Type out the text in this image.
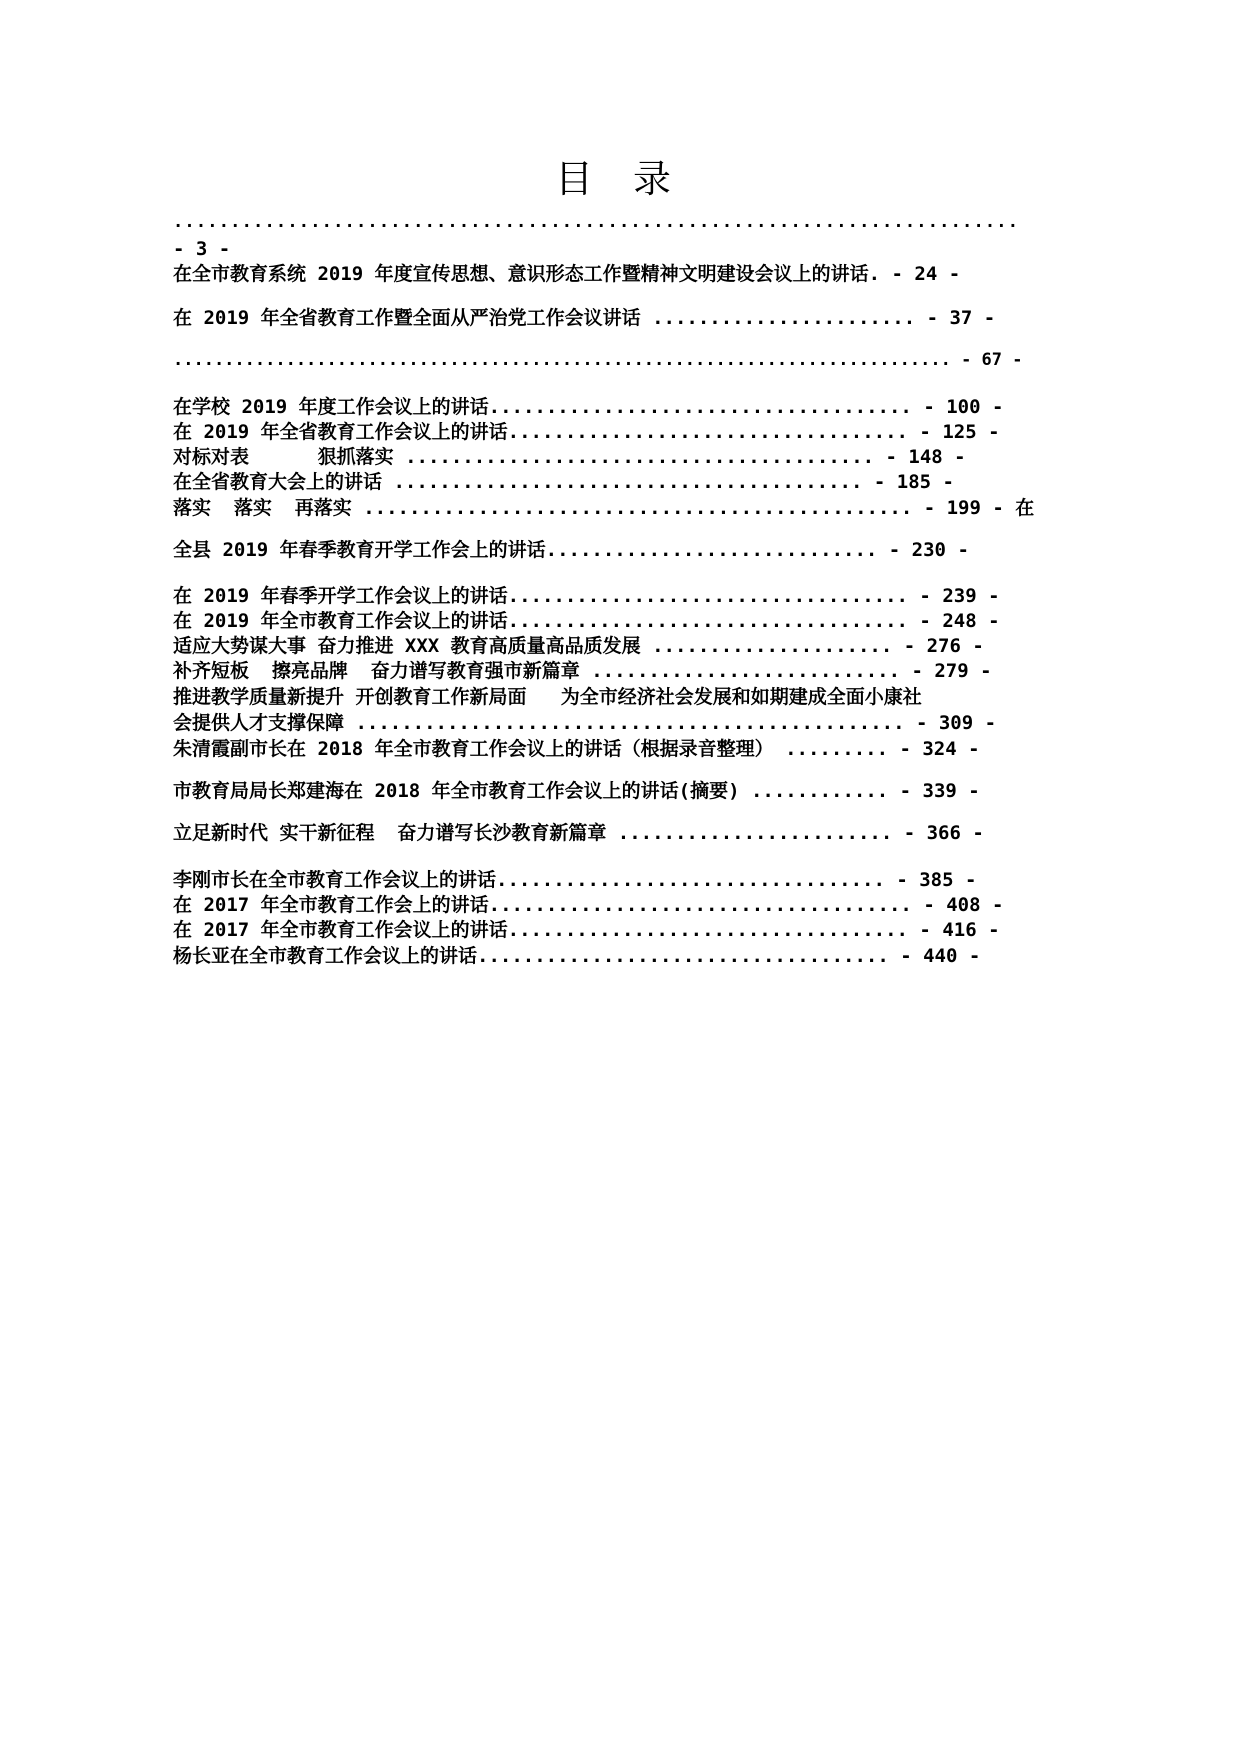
目 录
..........................................................................
- 3 -
在全市教育系统 2019 年度宣传思想、意识形态工作暨精神文明建设会议上的讲话. - 24 -
在 2019 年全省教育工作暨全面从严治党工作会议讲话 ....................... - 37 -
............................................................................ - 67 -
在学校 2019 年度工作会议上的讲话..................................... - 100 -
在 2019 年全省教育工作会议上的讲话................................... - 125 -
对标对表      狠抓落实 ......................................... - 148 -
在全省教育大会上的讲话 ......................................... - 185 -
落实  落实  再落实 ................................................ - 199 - 在
全县 2019 年春季教育开学工作会上的讲话............................. - 230 -
在 2019 年春季开学工作会议上的讲话................................... - 239 -
在 2019 年全市教育工作会议上的讲话................................... - 248 -
适应大势谋大事 奋力推进 XXX 教育高质量高品质发展 ..................... - 276 -
补齐短板  擦亮品牌  奋力谱写教育强市新篇章 ........................... - 279 -
推进教学质量新提升 开创教育工作新局面   为全市经济社会发展和如期建成全面小康社
会提供人才支撑保障 ................................................ - 309 -
朱清霞副市长在 2018 年全市教育工作会议上的讲话（根据录音整理） ......... - 324 -
市教育局局长郑建海在 2018 年全市教育工作会议上的讲话(摘要) ............ - 339 -
立足新时代 实干新征程  奋力谱写长沙教育新篇章 ........................ - 366 -
李刚市长在全市教育工作会议上的讲话.................................. - 385 -
在 2017 年全市教育工作会上的讲话..................................... - 408 -
在 2017 年全市教育工作会议上的讲话................................... - 416 -
杨长亚在全市教育工作会议上的讲话.................................... - 440 -
